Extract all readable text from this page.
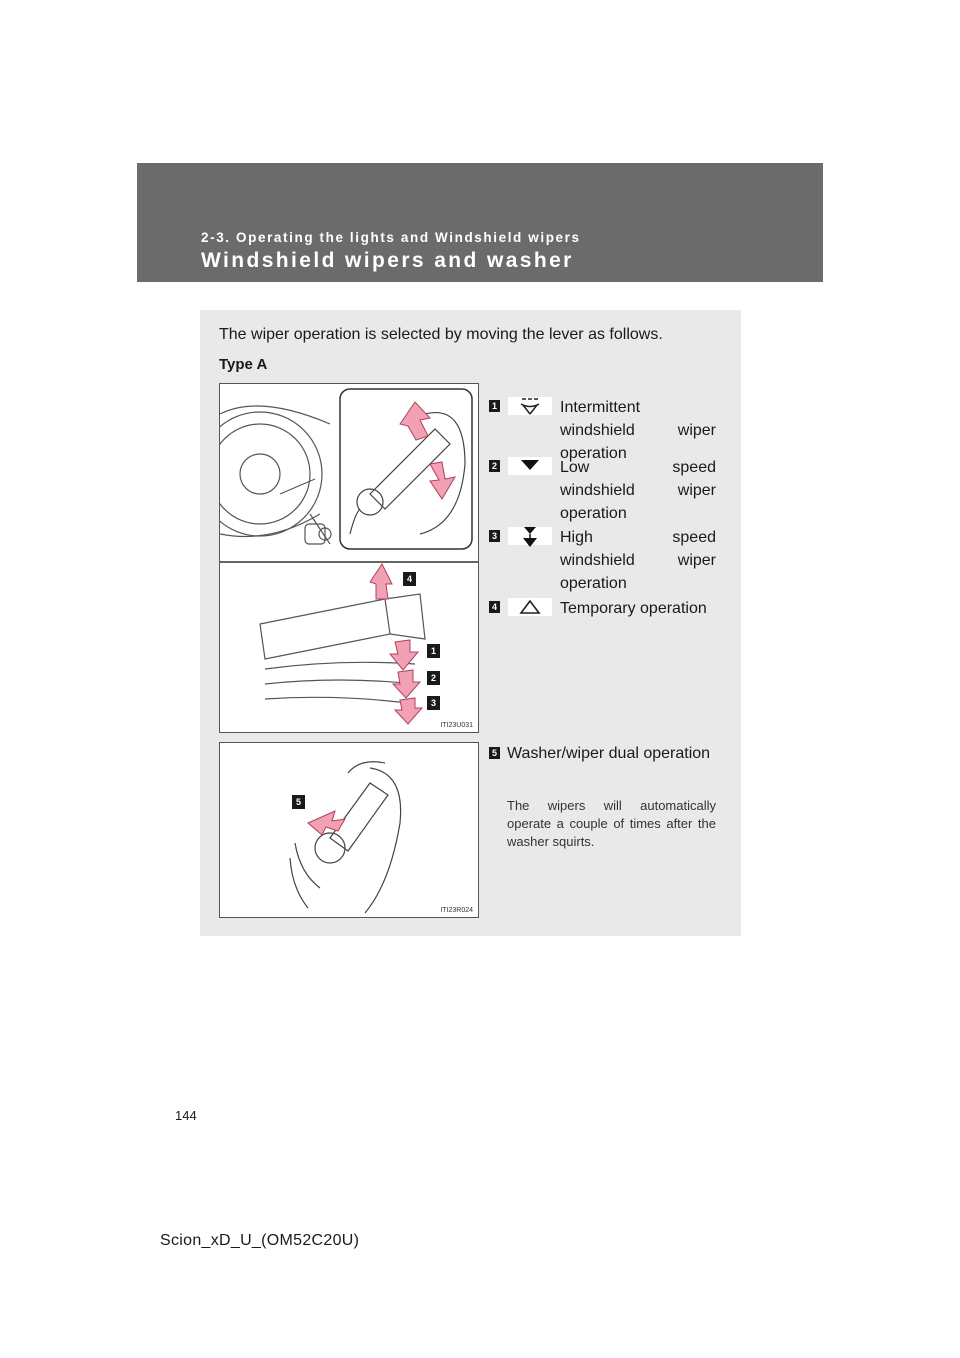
2-3. Operating the lights and Windshield wipers
Windshield wipers and washer
The wiper operation is selected by moving the lever as follows.
Type A
4
1
2
3
ITI23U031
1	Intermittent windshield wiper operation
2	Low speed windshield wiper operation
3	High speed windshield wiper operation
4	Temporary operation
5
ITI23R024
5 Washer/wiper dual operation
The wipers will automatically operate a couple of times after the washer squirts.
144
Scion_xD_U_(OM52C20U)
